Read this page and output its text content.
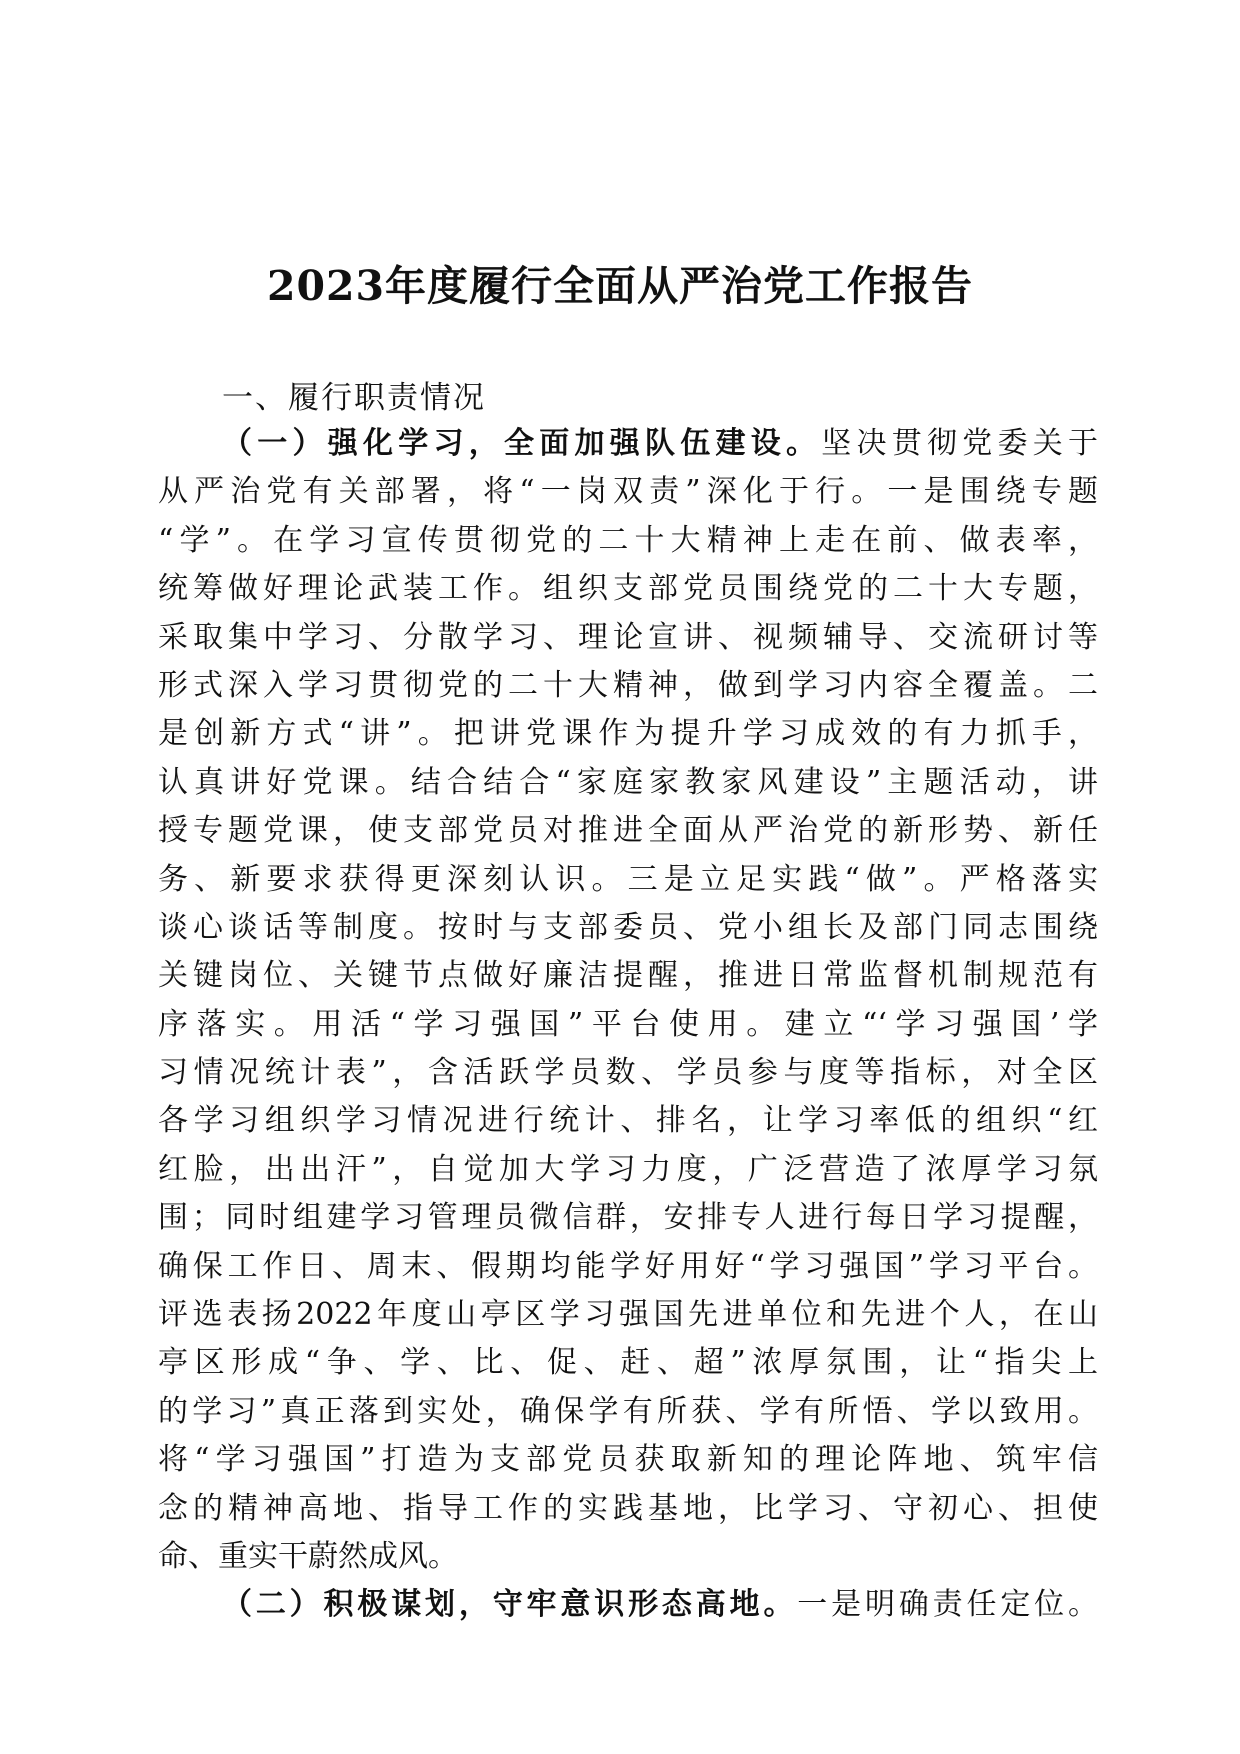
2023年度履行全面从严治党工作报告
一、履行职责情况
（一）强化学习，全面加强队伍建设。坚决贯彻党委关于
从严治党有关部署，将“一岗双责”深化于行。一是围绕专题
“学”。在学习宣传贯彻党的二十大精神上走在前、做表率，
统筹做好理论武装工作。组织支部党员围绕党的二十大专题，
采取集中学习、分散学习、理论宣讲、视频辅导、交流研讨等
形式深入学习贯彻党的二十大精神，做到学习内容全覆盖。二
是创新方式“讲”。把讲党课作为提升学习成效的有力抓手，
认真讲好党课。结合结合“家庭家教家风建设”主题活动，讲
授专题党课，使支部党员对推进全面从严治党的新形势、新任
务、新要求获得更深刻认识。三是立足实践“做”。严格落实
谈心谈话等制度。按时与支部委员、党小组长及部门同志围绕
关键岗位、关键节点做好廉洁提醒，推进日常监督机制规范有
序落实。用活“学习强国”平台使用。建立“‘学习强国’学
习情况统计表”，含活跃学员数、学员参与度等指标，对全区
各学习组织学习情况进行统计、排名，让学习率低的组织“红
红脸，出出汗”，自觉加大学习力度，广泛营造了浓厚学习氛
围；同时组建学习管理员微信群，安排专人进行每日学习提醒，
确保工作日、周末、假期均能学好用好“学习强国”学习平台。
评选表扬2022年度山亭区学习强国先进单位和先进个人，在山
亭区形成“争、学、比、促、赶、超”浓厚氛围，让“指尖上
的学习”真正落到实处，确保学有所获、学有所悟、学以致用。
将“学习强国”打造为支部党员获取新知的理论阵地、筑牢信
念的精神高地、指导工作的实践基地，比学习、守初心、担使
命、重实干蔚然成风。
（二）积极谋划，守牢意识形态高地。一是明确责任定位。
